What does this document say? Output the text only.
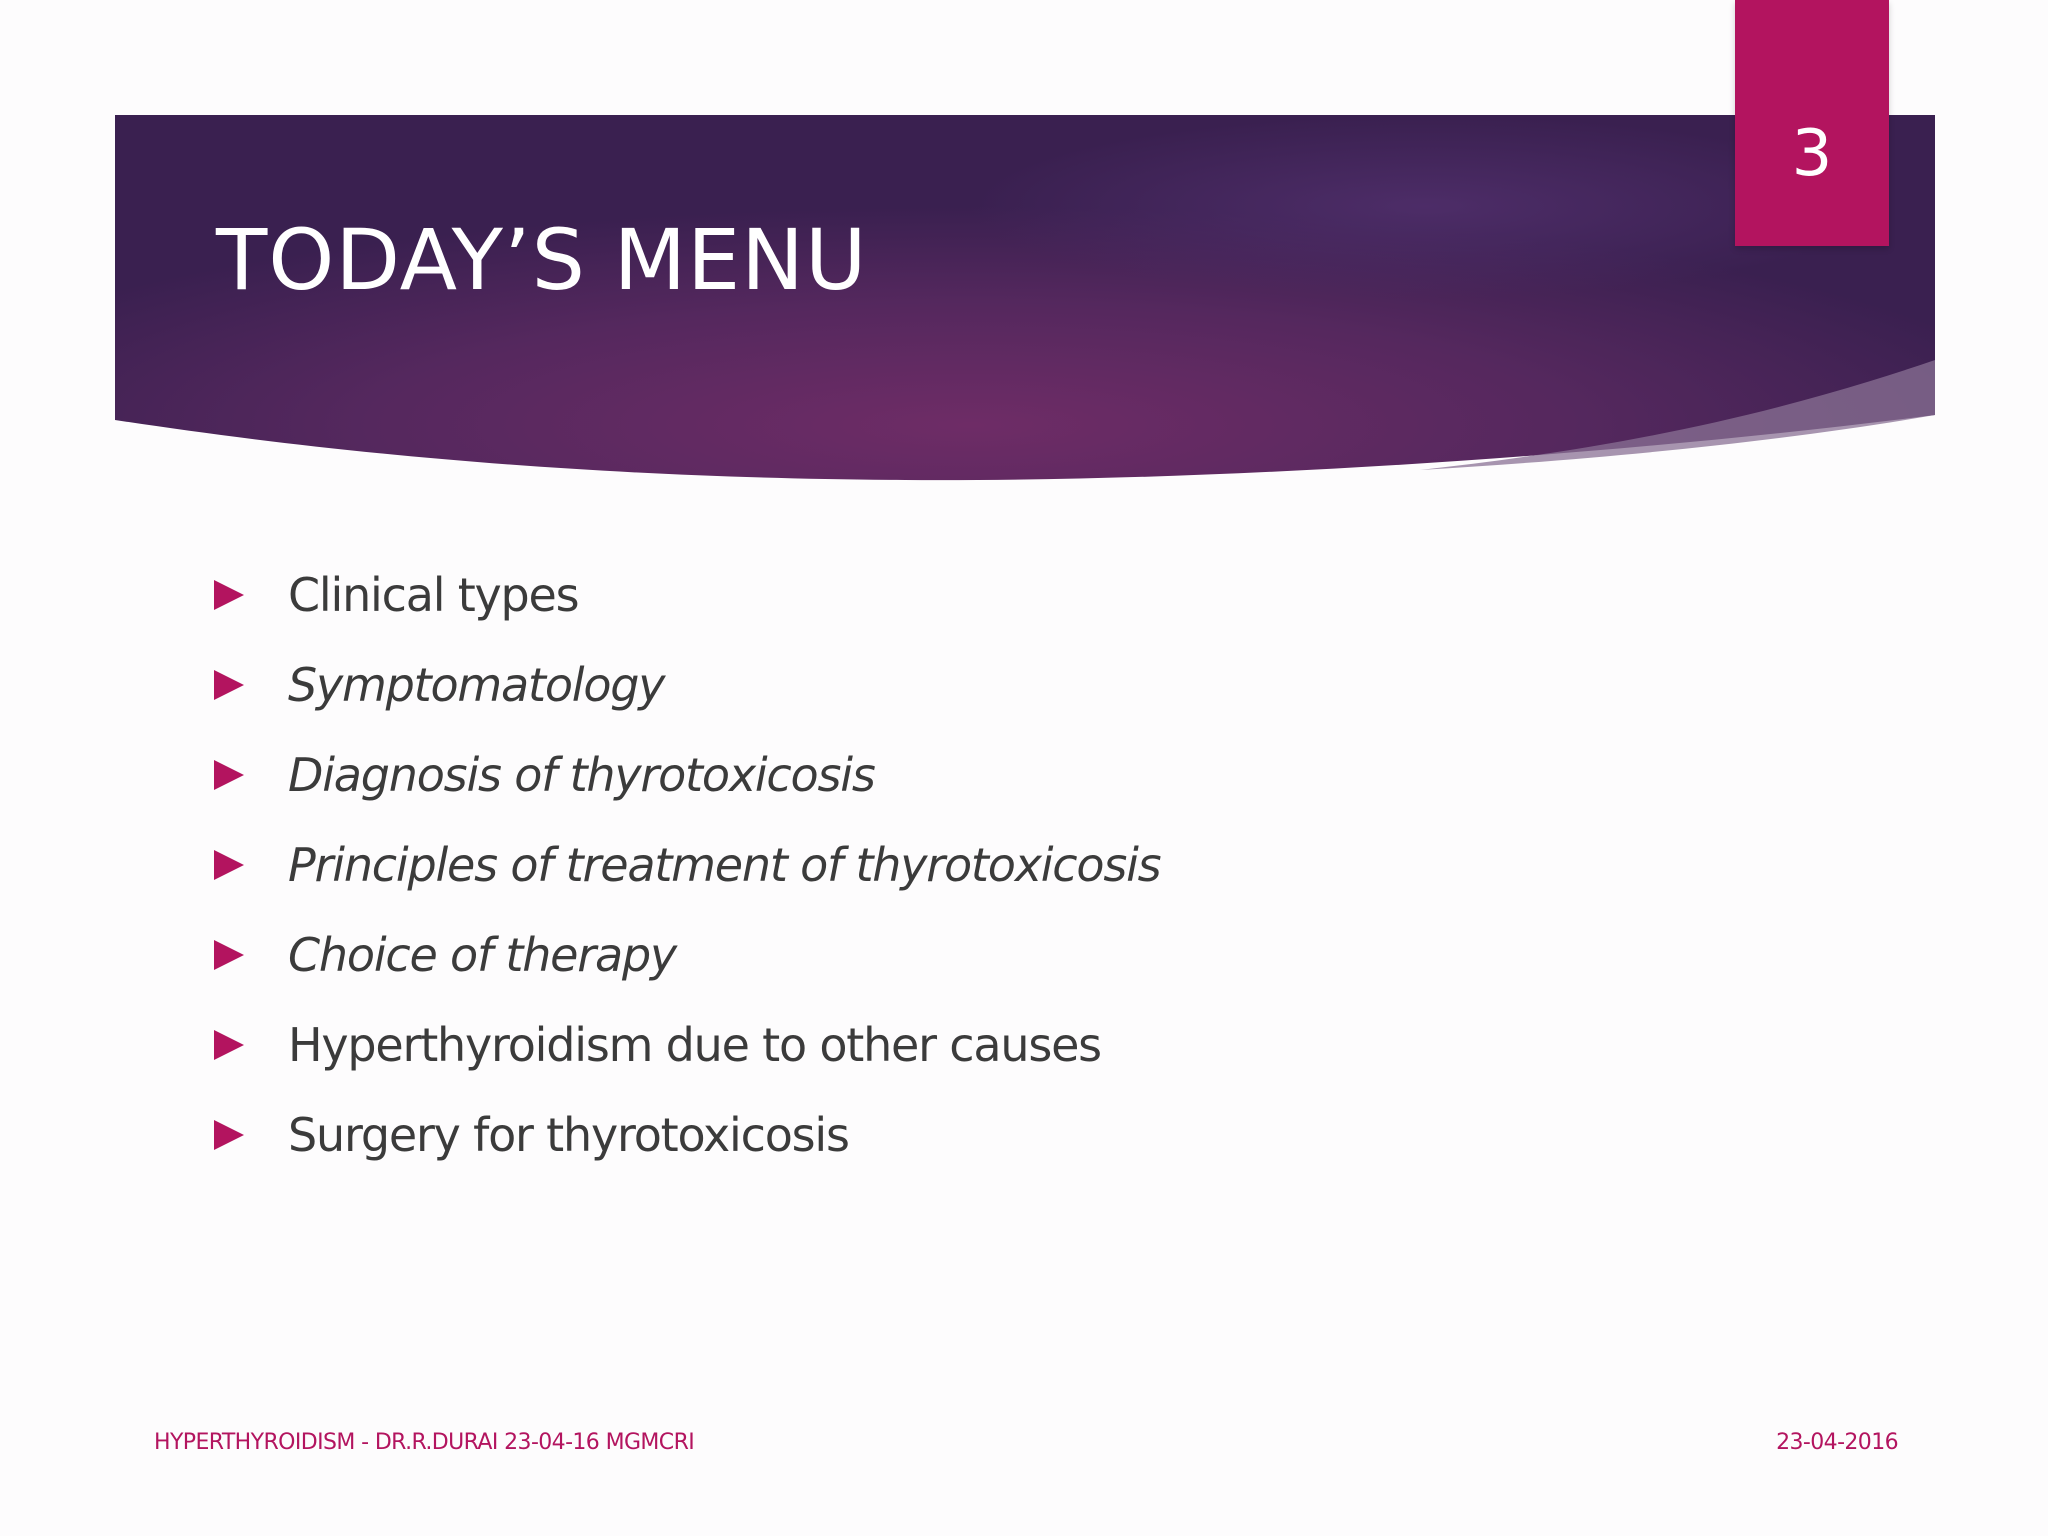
TODAY’S MENU
3
Clinical types
Symptomatology
Diagnosis of thyrotoxicosis
Principles of treatment of thyrotoxicosis
Choice of therapy
Hyperthyroidism due to other causes
Surgery for thyrotoxicosis
HYPERTHYROIDISM - DR.R.DURAI 23-04-16 MGMCRI	23-04-2016
